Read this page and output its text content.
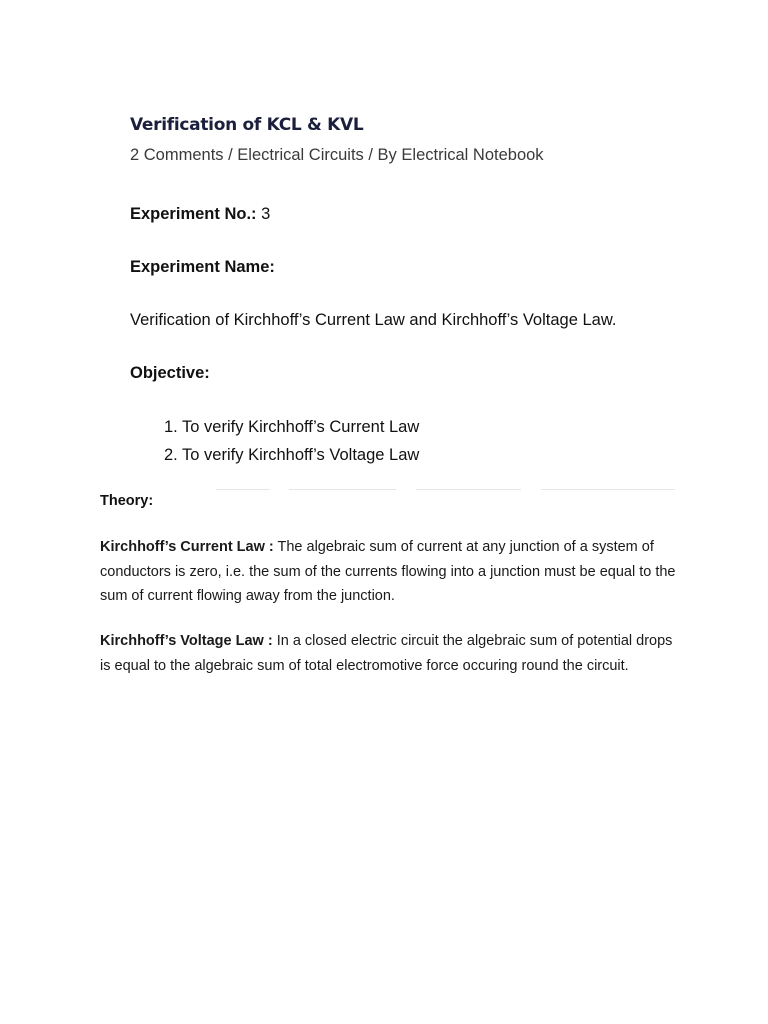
Verification of KCL & KVL
2 Comments / Electrical Circuits / By Electrical Notebook
Experiment No.: 3
Experiment Name:
Verification of Kirchhoff’s Current Law and Kirchhoff’s Voltage Law.
Objective:
1. To verify Kirchhoff’s Current Law
2. To verify Kirchhoff’s Voltage Law
Theory:
Kirchhoff’s Current Law : The algebraic sum of current at any junction of a system of conductors is zero, i.e. the sum of the currents flowing into a junction must be equal to the sum of current flowing away from the junction.
Kirchhoff’s Voltage Law : In a closed electric circuit the algebraic sum of potential drops is equal to the algebraic sum of total electromotive force occuring round the circuit.
